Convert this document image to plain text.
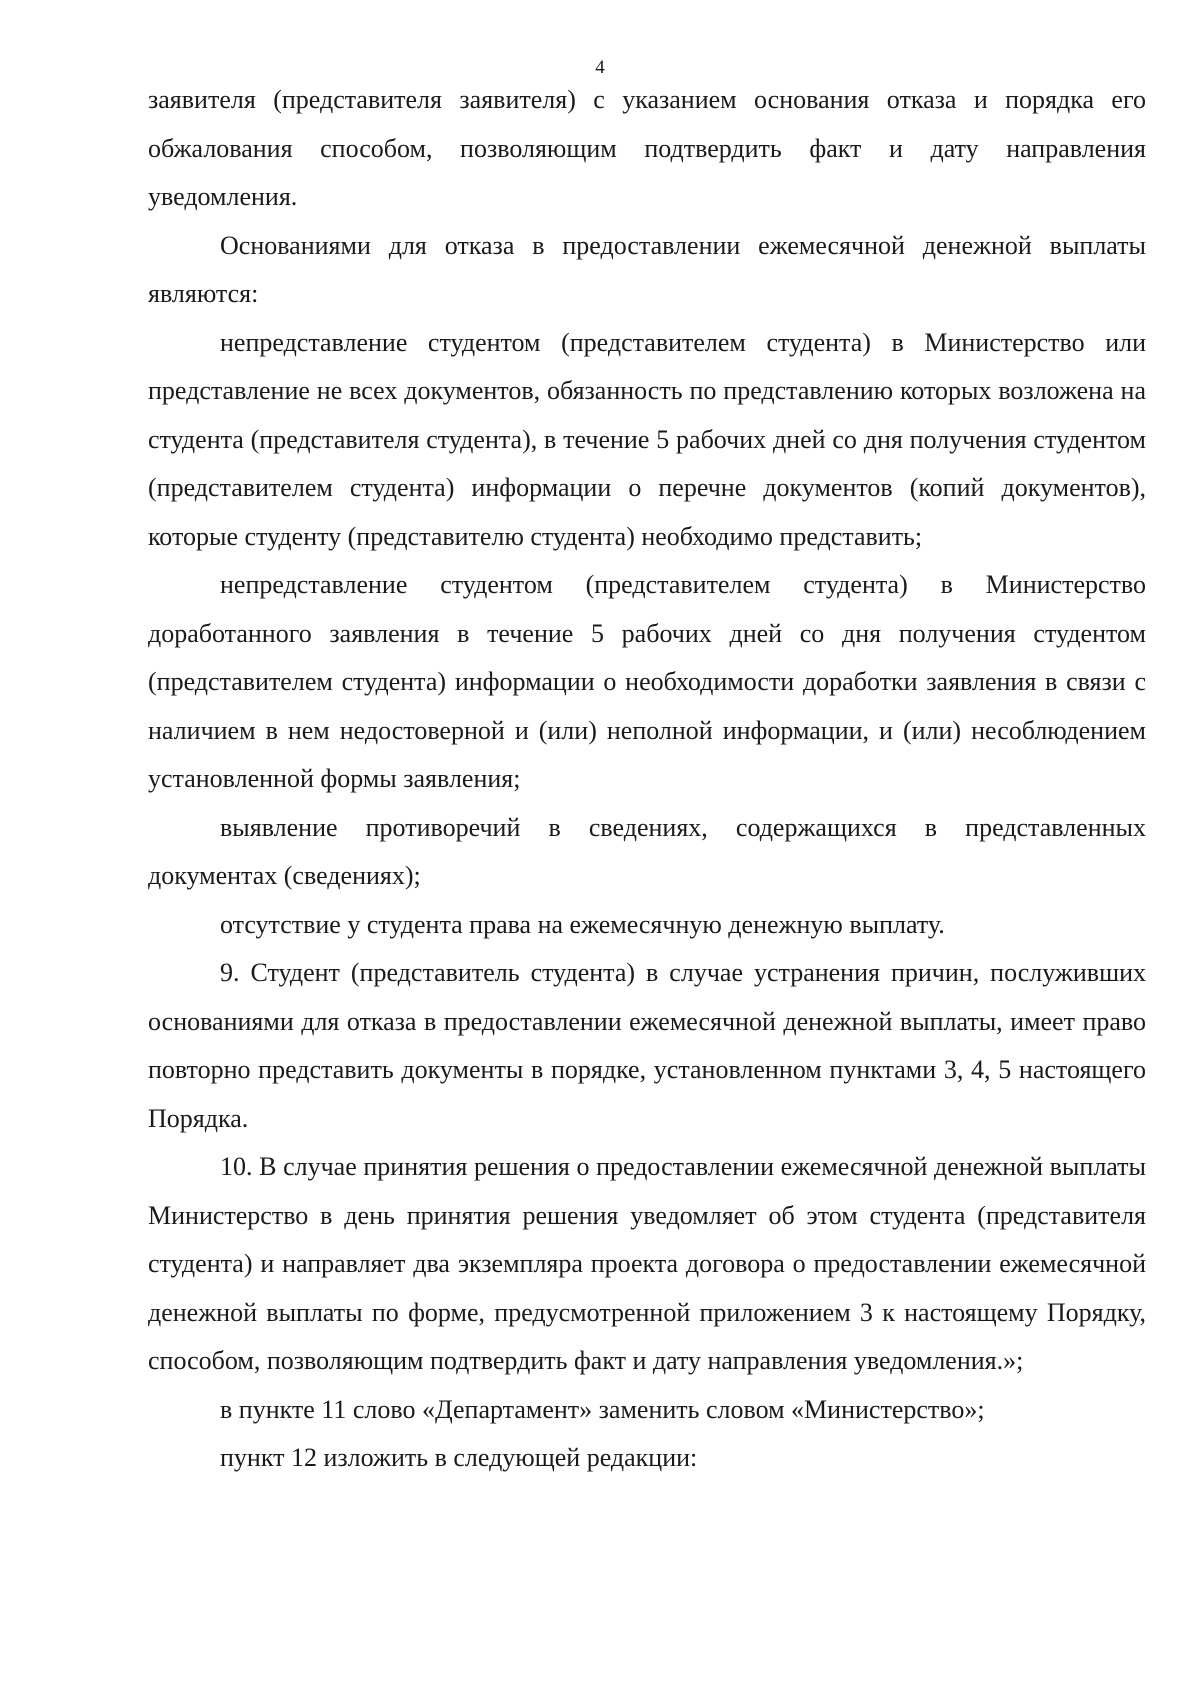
4

заявителя (представителя заявителя) с указанием основания отказа и порядка его обжалования способом, позволяющим подтвердить факт и дату направления уведомления.

Основаниями для отказа в предоставлении ежемесячной денежной выплаты являются:

непредставление студентом (представителем студента) в Министерство или представление не всех документов, обязанность по представлению которых возложена на студента (представителя студента), в течение 5 рабочих дней со дня получения студентом (представителем студента) информации о перечне документов (копий документов), которые студенту (представителю студента) необходимо представить;

непредставление студентом (представителем студента) в Министерство доработанного заявления в течение 5 рабочих дней со дня получения студентом (представителем студента) информации о необходимости доработки заявления в связи с наличием в нем недостоверной и (или) неполной информации, и (или) несоблюдением установленной формы заявления;

выявление противоречий в сведениях, содержащихся в представленных документах (сведениях);

отсутствие у студента права на ежемесячную денежную выплату.

9. Студент (представитель студента) в случае устранения причин, послуживших основаниями для отказа в предоставлении ежемесячной денежной выплаты, имеет право повторно представить документы в порядке, установленном пунктами 3, 4, 5 настоящего Порядка.

10. В случае принятия решения о предоставлении ежемесячной денежной выплаты Министерство в день принятия решения уведомляет об этом студента (представителя студента) и направляет два экземпляра проекта договора о предоставлении ежемесячной денежной выплаты по форме, предусмотренной приложением 3 к настоящему Порядку, способом, позволяющим подтвердить факт и дату направления уведомления.»;

в пункте 11 слово «Департамент» заменить словом «Министерство»;

пункт 12 изложить в следующей редакции:
